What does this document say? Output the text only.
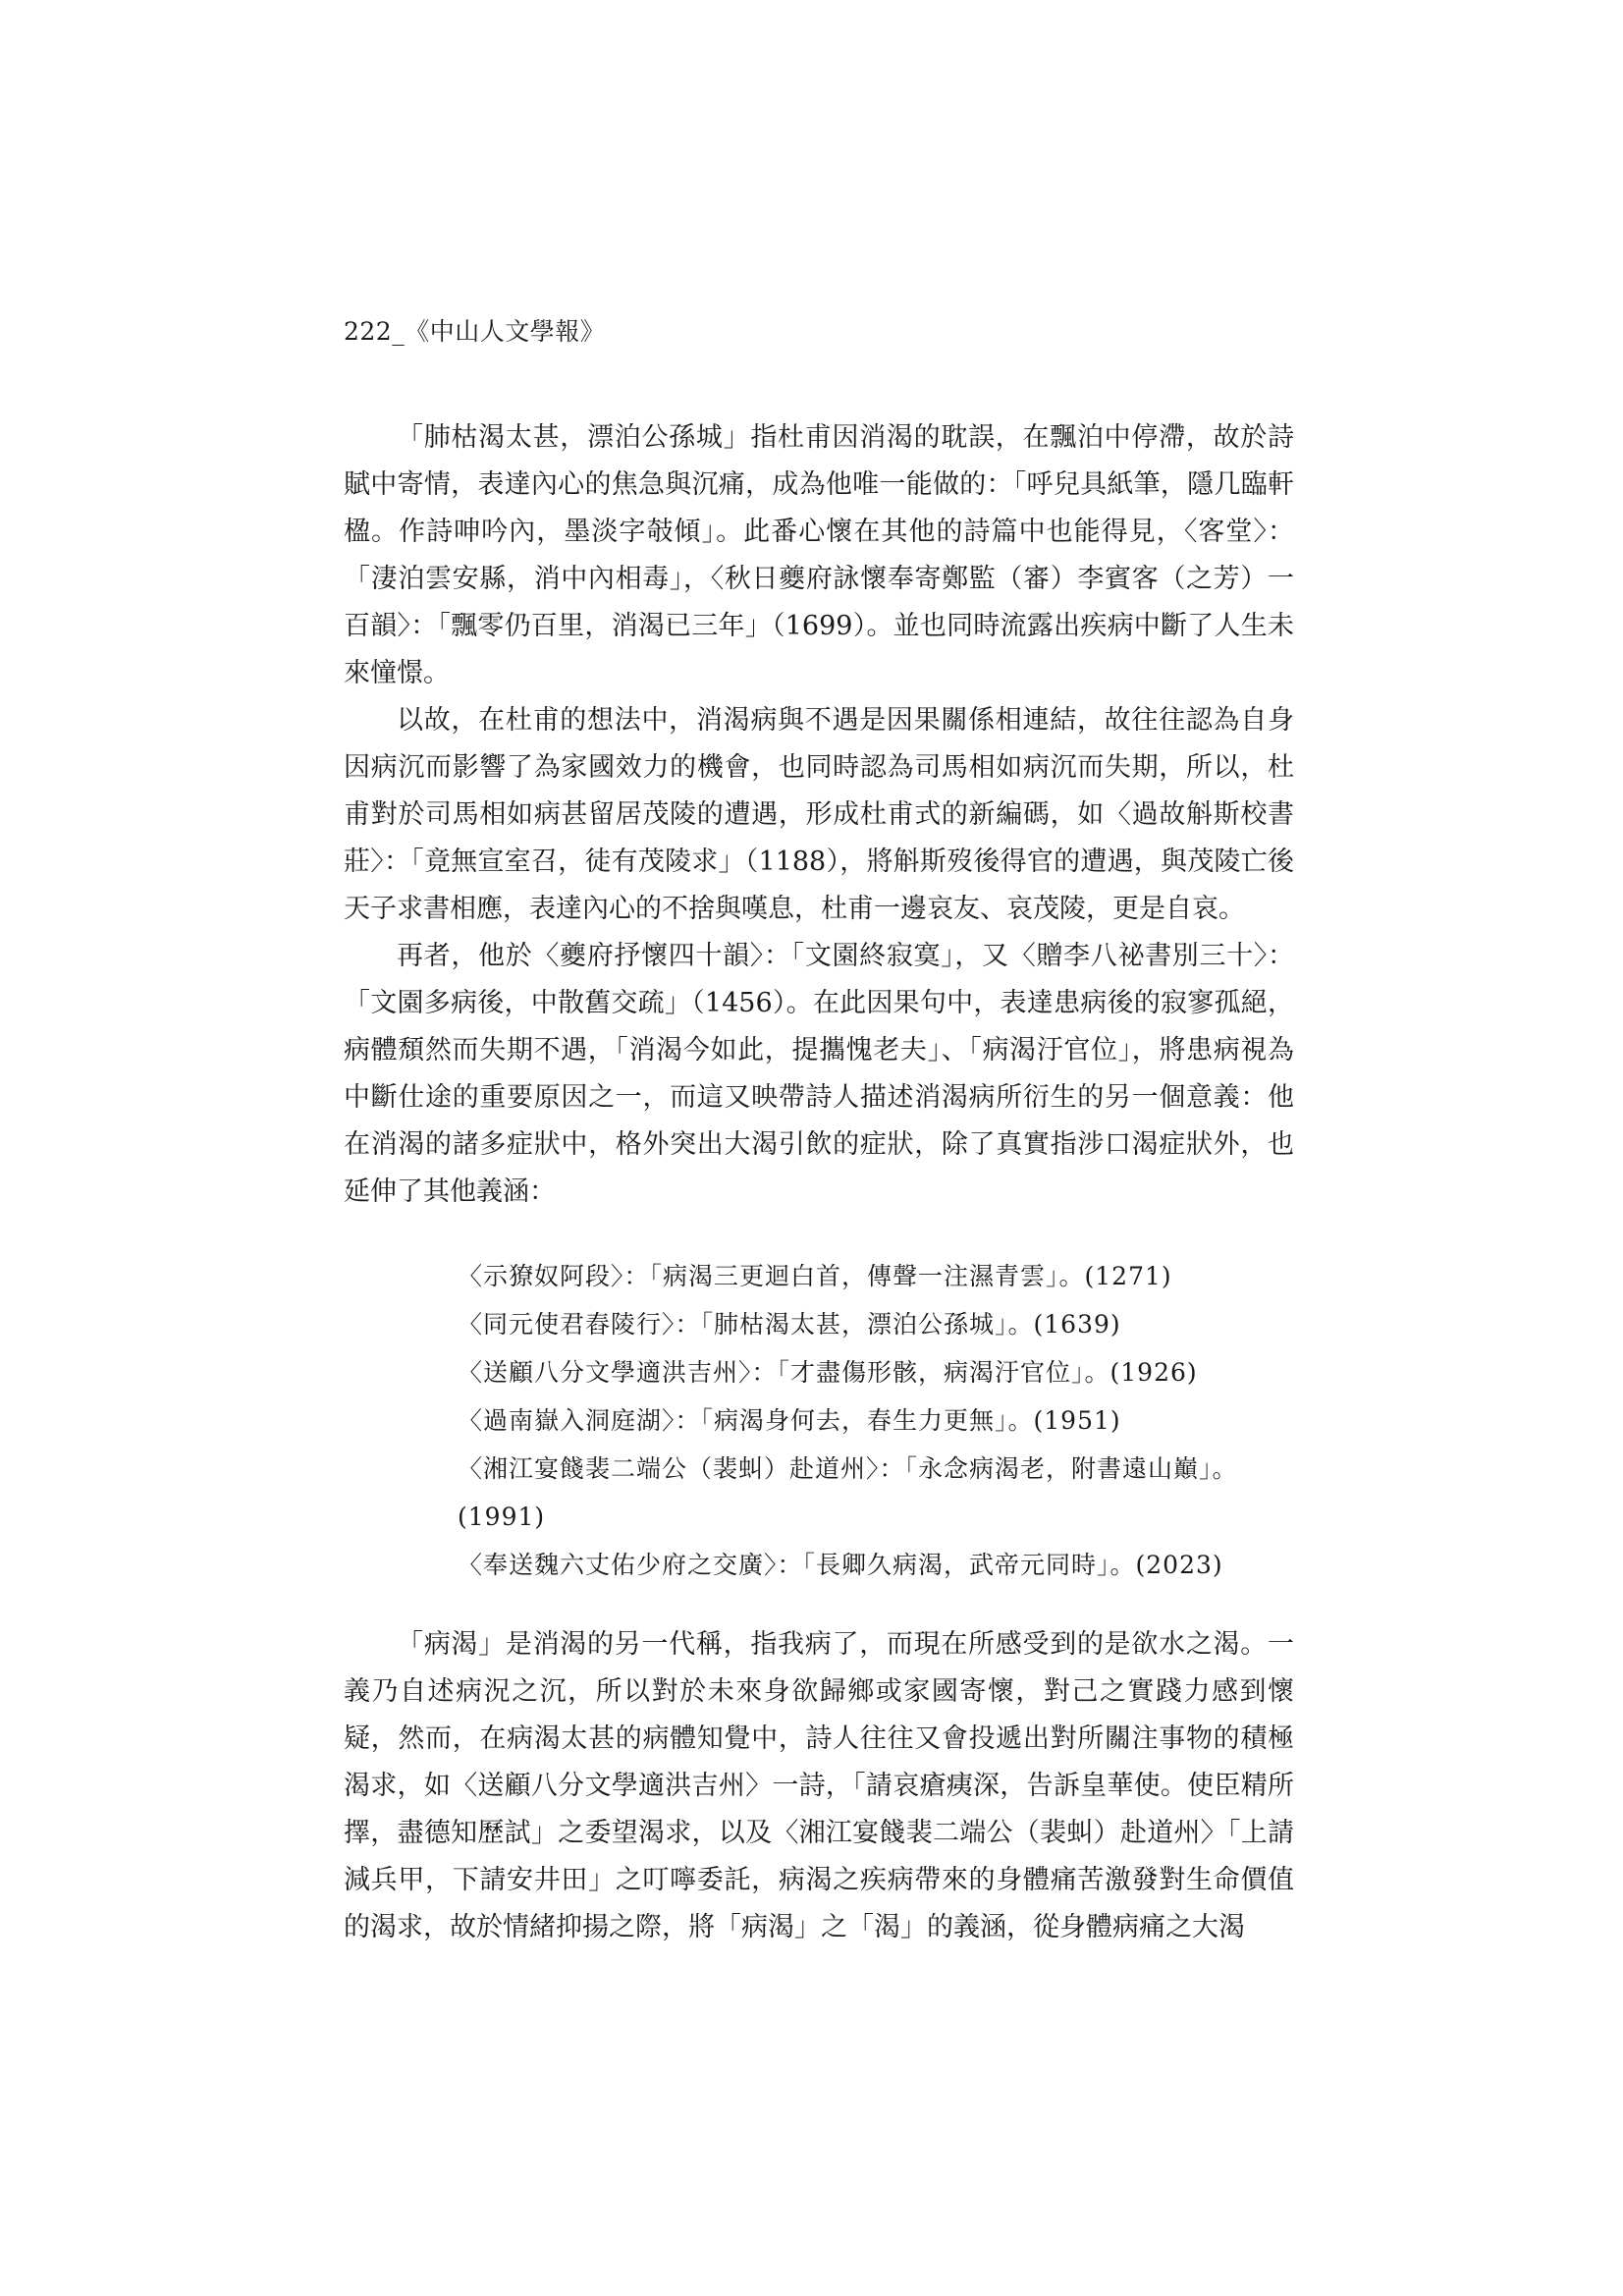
222_《中山人文學報》

「肺枯渴太甚，漂泊公孫城」指杜甫因消渴的耽誤，在飄泊中停滯，故於詩賦中寄情，表達內心的焦急與沉痛，成為他唯一能做的：「呼兒具紙筆，隱几臨軒楹。作詩呻吟內，墨淡字攲傾」。此番心懷在其他的詩篇中也能得見，〈客堂〉：「淒泊雲安縣，消中內相毒」，〈秋日夔府詠懷奉寄鄭監（審）李賓客（之芳）一百韻〉：「飄零仍百里，消渴已三年」（1699）。並也同時流露出疾病中斷了人生未來憧憬。

以故，在杜甫的想法中，消渴病與不遇是因果關係相連結，故往往認為自身因病沉而影響了為家國效力的機會，也同時認為司馬相如病沉而失期，所以，杜甫對於司馬相如病甚留居茂陵的遭遇，形成杜甫式的新編碼，如〈過故斛斯校書莊〉：「竟無宣室召，徒有茂陵求」（1188），將斛斯歿後得官的遭遇，與茂陵亡後天子求書相應，表達內心的不捨與嘆息，杜甫一邊哀友、哀茂陵，更是自哀。

再者，他於〈夔府抒懷四十韻〉：「文園終寂寞」，又〈贈李八祕書別三十〉：「文園多病後，中散舊交疏」（1456）。在此因果句中，表達患病後的寂寥孤絕，病體頹然而失期不遇，「消渴今如此，提攜愧老夫」、「病渴汙官位」，將患病視為中斷仕途的重要原因之一，而這又映帶詩人描述消渴病所衍生的另一個意義：他在消渴的諸多症狀中，格外突出大渴引飲的症狀，除了真實指涉口渴症狀外，也延伸了其他義涵：

〈示獠奴阿段〉：「病渴三更迴白首，傳聲一注濕青雲」。(1271)
〈同元使君舂陵行〉：「肺枯渴太甚，漂泊公孫城」。(1639)
〈送顧八分文學適洪吉州〉：「才盡傷形骸，病渴汙官位」。(1926)
〈過南嶽入洞庭湖〉：「病渴身何去，春生力更無」。(1951)
〈湘江宴餞裴二端公（裴虯）赴道州〉：「永念病渴老，附書遠山巔」。(1991)
〈奉送魏六丈佑少府之交廣〉：「長卿久病渴，武帝元同時」。(2023)

「病渴」是消渴的另一代稱，指我病了，而現在所感受到的是欲水之渴。一義乃自述病況之沉，所以對於未來身欲歸鄉或家國寄懷，對己之實踐力感到懷疑，然而，在病渴太甚的病體知覺中，詩人往往又會投遞出對所關注事物的積極渴求，如〈送顧八分文學適洪吉州〉一詩，「請哀瘡痍深，告訴皇華使。使臣精所擇，盡德知歷試」之委望渴求，以及〈湘江宴餞裴二端公（裴虯）赴道州〉「上請減兵甲，下請安井田」之叮嚀委託，病渴之疾病帶來的身體痛苦激發對生命價值的渴求，故於情緒抑揚之際，將「病渴」之「渴」的義涵，從身體病痛之大渴
